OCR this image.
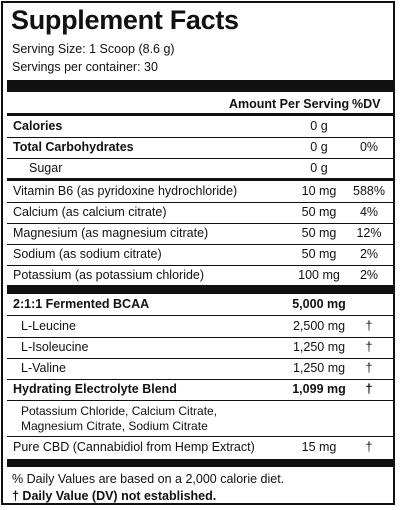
Supplement Facts
Serving Size: 1 Scoop (8.6 g)
Servings per container: 30
Amount Per Serving %DV
Calories	0 g
Total Carbohydrates	0 g	0%
Sugar	0 g
Vitamin B6 (as pyridoxine hydrochloride)	10 mg	588%
Calcium (as calcium citrate)	50 mg	4%
Magnesium (as magnesium citrate)	50 mg	12%
Sodium (as sodium citrate)	50 mg	2%
Potassium (as potassium chloride)	100 mg	2%
2:1:1 Fermented BCAA	5,000 mg
L-Leucine	2,500 mg	†
L-Isoleucine	1,250 mg	†
L-Valine	1,250 mg	†
Hydrating Electrolyte Blend	1,099 mg	†
Potassium Chloride, Calcium Citrate,
Magnesium Citrate, Sodium Citrate
Pure CBD (Cannabidiol from Hemp Extract)	15 mg	†
% Daily Values are based on a 2,000 calorie diet.
† Daily Value (DV) not established.
